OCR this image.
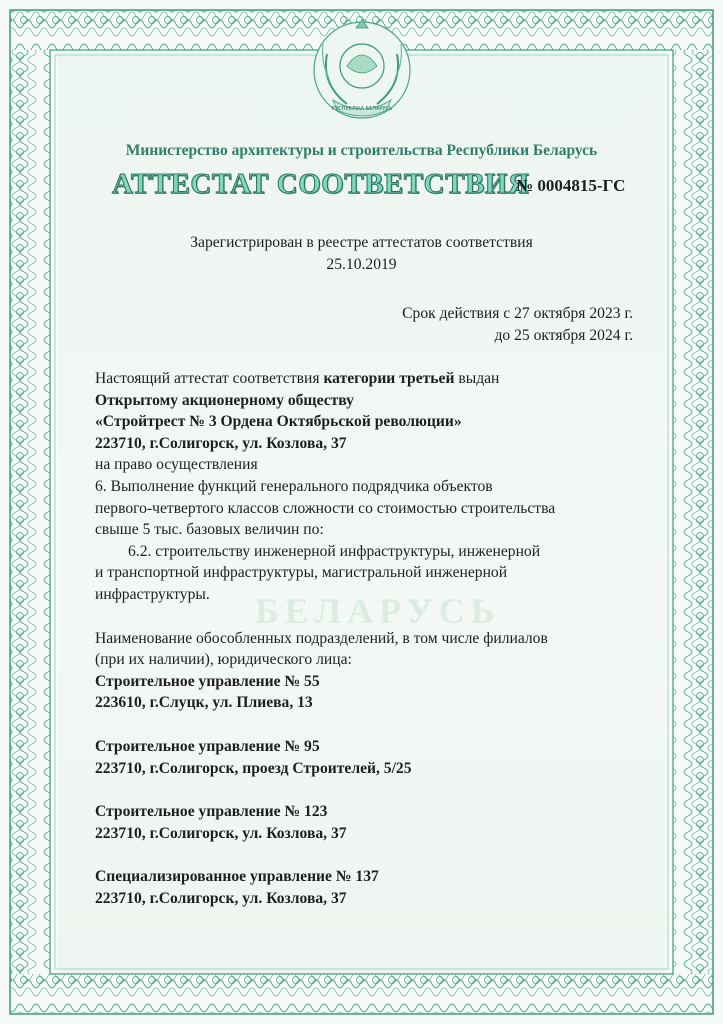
БЕЛАРУСЬ
РЭСПУБЛІКА БЕЛАРУСЬ
Министерство архитектуры и строительства Республики Беларусь
АТТЕСТАТ СООТВЕТСТВИЯ
№ 0004815-ГС
Зарегистрирован в реестре аттестатов соответствия
25.10.2019
Срок действия с 27 октября 2023 г.
до 25 октября 2024 г.

Настоящий аттестат соответствия категории третьей выдан

Открытому акционерному обществу

«Стройтрест № 3 Ордена Октябрьской революции»

223710, г.Солигорск, ул. Козлова, 37

на право осуществления

6. Выполнение функций генерального подрядчика объектов

первого-четвертого классов сложности со стоимостью строительства

свыше 5 тыс. базовых величин по:

6.2. строительству инженерной инфраструктуры, инженерной

и транспортной инфраструктуры, магистральной инженерной

инфраструктуры.

Наименование обособленных подразделений, в том числе филиалов

(при их наличии), юридического лица:

Строительное управление № 55

223610, г.Слуцк, ул. Плиева, 13

Строительное управление № 95

223710, г.Солигорск, проезд Строителей, 5/25

Строительное управление № 123

223710, г.Солигорск, ул. Козлова, 37

Специализированное управление № 137

223710, г.Солигорск, ул. Козлова, 37
